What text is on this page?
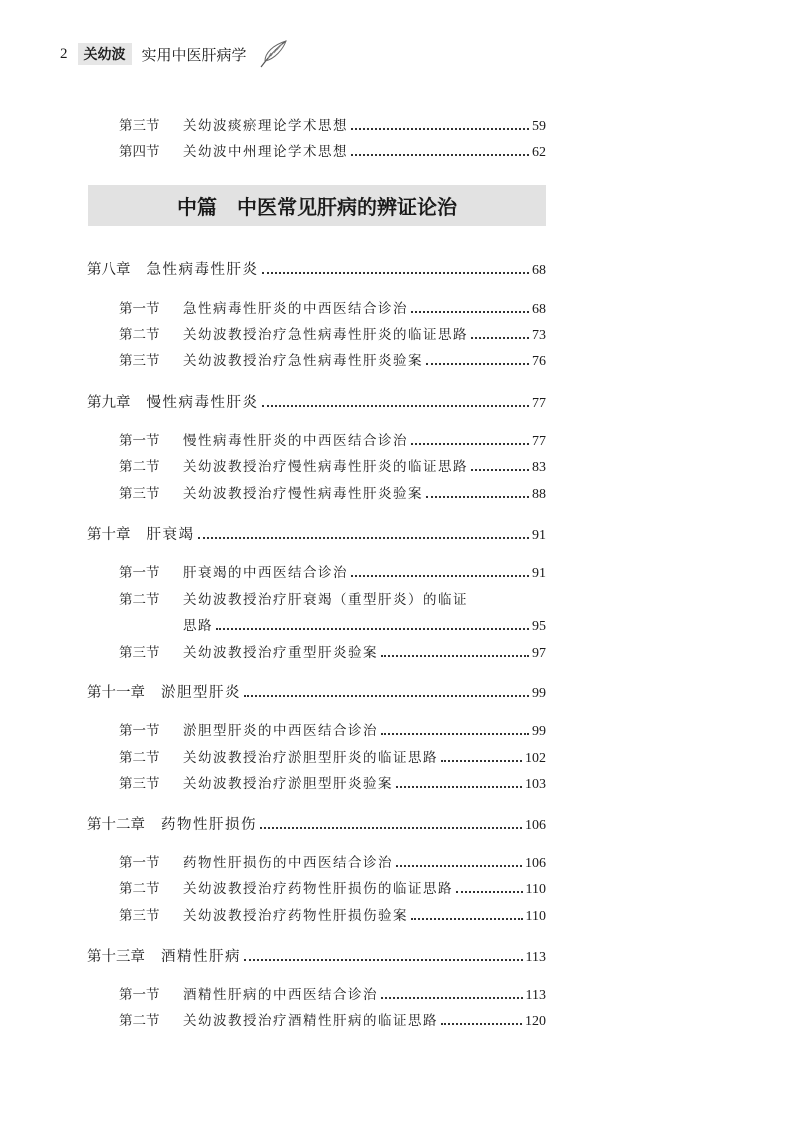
2	关幼波	实用中医肝病学
第三节	关幼波痰瘀理论学术思想	59
第四节	关幼波中州理论学术思想	62
中篇 中医常见肝病的辨证论治
第八章 急性病毒性肝炎	68
第一节	急性病毒性肝炎的中西医结合诊治	68
第二节	关幼波教授治疗急性病毒性肝炎的临证思路	73
第三节	关幼波教授治疗急性病毒性肝炎验案	76
第九章 慢性病毒性肝炎	77
第一节	慢性病毒性肝炎的中西医结合诊治	77
第二节	关幼波教授治疗慢性病毒性肝炎的临证思路	83
第三节	关幼波教授治疗慢性病毒性肝炎验案	88
第十章 肝衰竭	91
第一节	肝衰竭的中西医结合诊治	91
第二节	关幼波教授治疗肝衰竭（重型肝炎）的临证
思路	95
第三节	关幼波教授治疗重型肝炎验案	97
第十一章 淤胆型肝炎	99
第一节	淤胆型肝炎的中西医结合诊治	99
第二节	关幼波教授治疗淤胆型肝炎的临证思路	102
第三节	关幼波教授治疗淤胆型肝炎验案	103
第十二章 药物性肝损伤	106
第一节	药物性肝损伤的中西医结合诊治	106
第二节	关幼波教授治疗药物性肝损伤的临证思路	110
第三节	关幼波教授治疗药物性肝损伤验案	110
第十三章 酒精性肝病	113
第一节	酒精性肝病的中西医结合诊治	113
第二节	关幼波教授治疗酒精性肝病的临证思路	120
